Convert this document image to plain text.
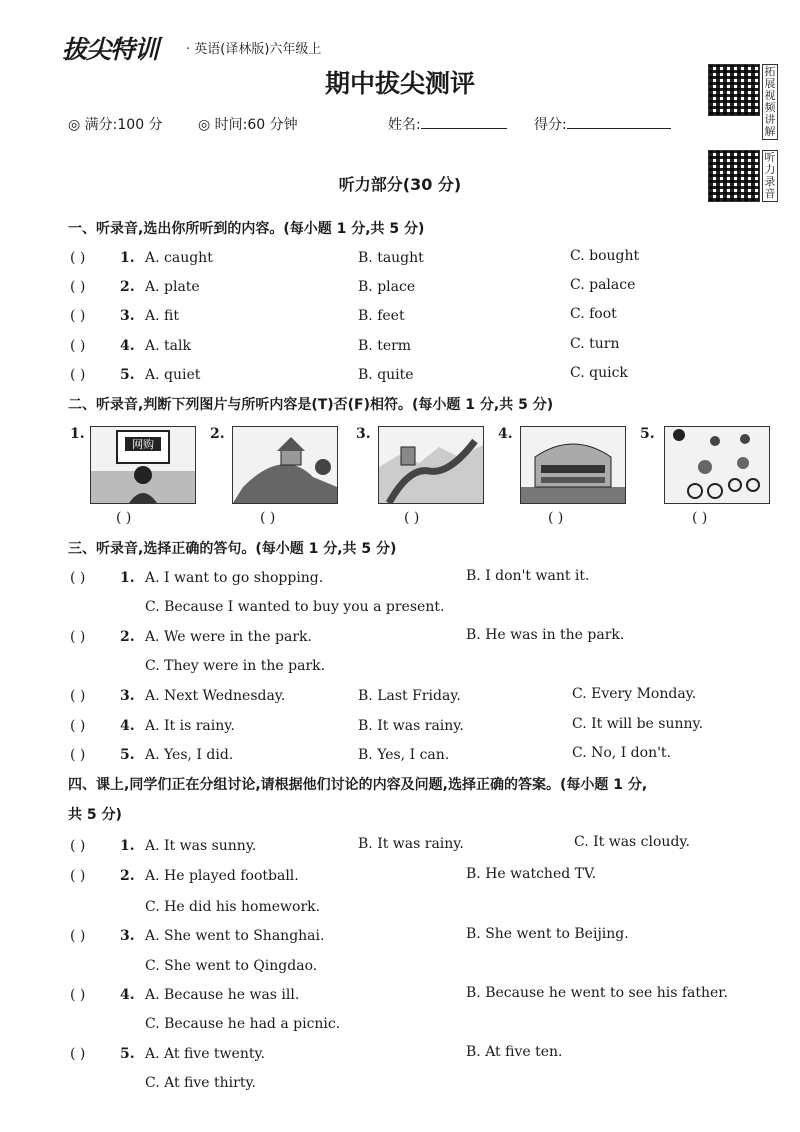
拔尖特训 · 英语(译林版)六年级上
期中拔尖测评
◎ 满分:100 分	◎ 时间:60 分钟	姓名:	得分:
拓展视频讲解
听力录音
听力部分(30 分)
一、听录音,选出你所听到的内容。(每小题 1 分,共 5 分)
( ) 1. A. caught	B. taught	C. bought
( ) 2. A. plate	B. place	C. palace
( ) 3. A. fit	B. feet	C. foot
( ) 4. A. talk	B. term	C. turn
( ) 5. A. quiet	B. quite	C. quick
二、听录音,判断下列图片与所听内容是(T)否(F)相符。(每小题 1 分,共 5 分)
1.
网购
( )
2.
( )
3.
( )
4.
( )
5.
( )
三、听录音,选择正确的答句。(每小题 1 分,共 5 分)
( ) 1. A. I want to go shopping.	B. I don't want it.
C. Because I wanted to buy you a present.
( ) 2. A. We were in the park.	B. He was in the park.
C. They were in the park.
( ) 3. A. Next Wednesday.	B. Last Friday.	C. Every Monday.
( ) 4. A. It is rainy.	B. It was rainy.	C. It will be sunny.
( ) 5. A. Yes, I did.	B. Yes, I can.	C. No, I don't.
四、课上,同学们正在分组讨论,请根据他们讨论的内容及问题,选择正确的答案。(每小题 1 分,
共 5 分)
( ) 1. A. It was sunny.	B. It was rainy.	C. It was cloudy.
( ) 2. A. He played football.	B. He watched TV.
C. He did his homework.
( ) 3. A. She went to Shanghai.	B. She went to Beijing.
C. She went to Qingdao.
( ) 4. A. Because he was ill.	B. Because he went to see his father.
C. Because he had a picnic.
( ) 5. A. At five twenty.	B. At five ten.
C. At five thirty.
